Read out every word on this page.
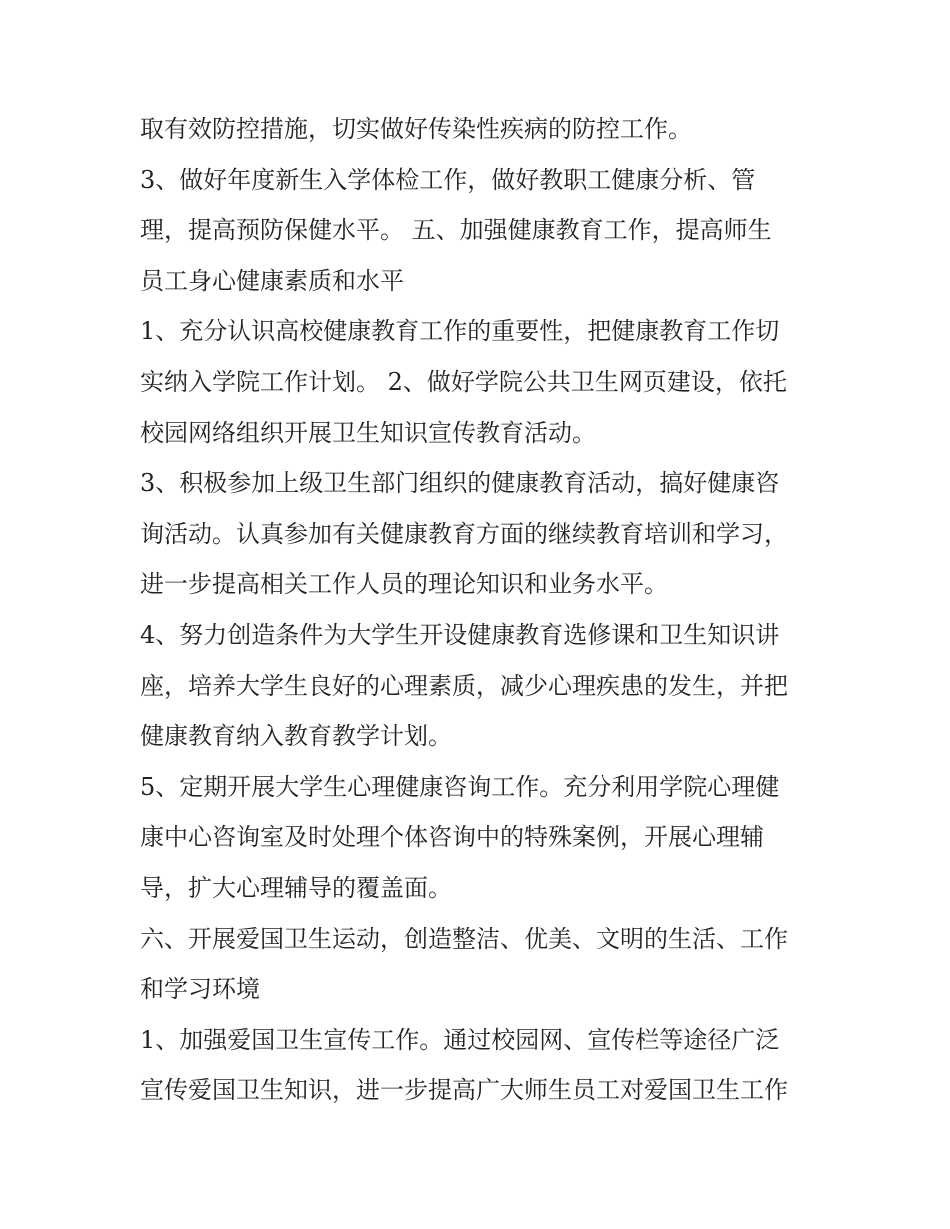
取有效防控措施，切实做好传染性疾病的防控工作。
3、做好年度新生入学体检工作，做好教职工健康分析、管
理，提高预防保健水平。 五、加强健康教育工作，提高师生
员工身心健康素质和水平
1、充分认识高校健康教育工作的重要性，把健康教育工作切
实纳入学院工作计划。 2、做好学院公共卫生网页建设，依托
校园网络组织开展卫生知识宣传教育活动。
3、积极参加上级卫生部门组织的健康教育活动，搞好健康咨
询活动。认真参加有关健康教育方面的继续教育培训和学习，
进一步提高相关工作人员的理论知识和业务水平。
4、努力创造条件为大学生开设健康教育选修课和卫生知识讲
座，培养大学生良好的心理素质，减少心理疾患的发生，并把
健康教育纳入教育教学计划。
5、定期开展大学生心理健康咨询工作。充分利用学院心理健
康中心咨询室及时处理个体咨询中的特殊案例，开展心理辅
导，扩大心理辅导的覆盖面。
六、开展爱国卫生运动，创造整洁、优美、文明的生活、工作
和学习环境
1、加强爱国卫生宣传工作。通过校园网、宣传栏等途径广泛
宣传爱国卫生知识，进一步提高广大师生员工对爱国卫生工作
